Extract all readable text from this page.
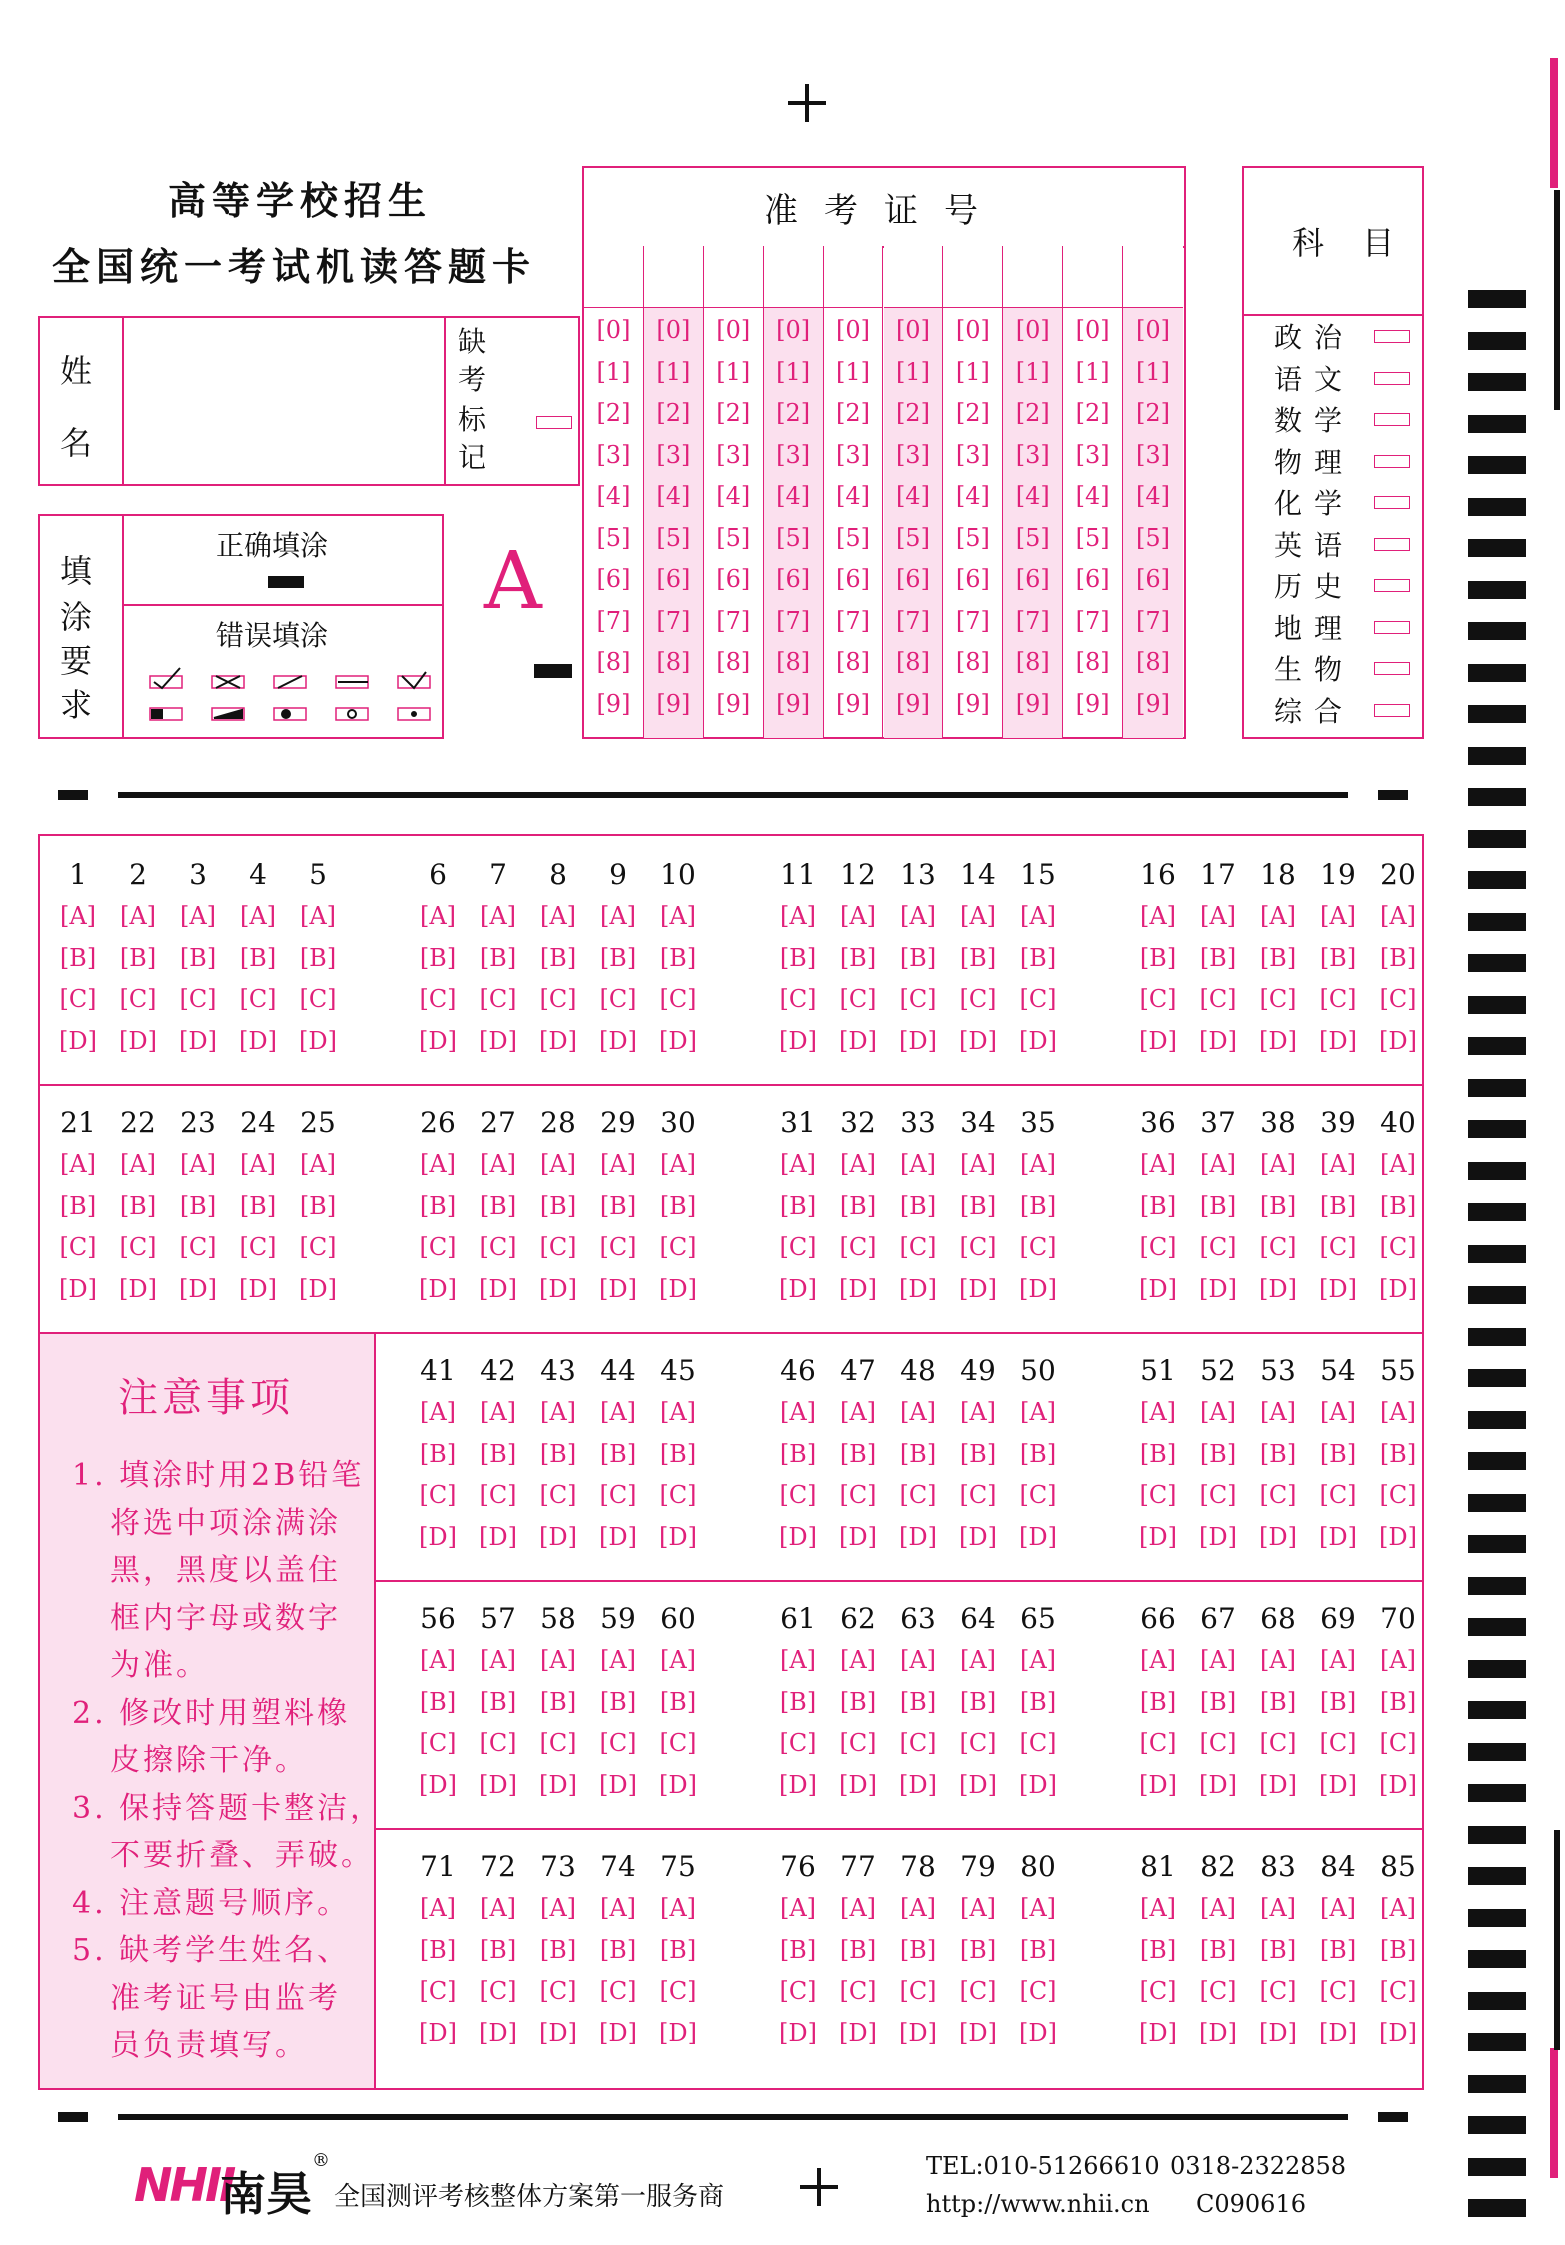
高等学校招生
全国统一考试机读答题卡
姓
名
缺
考
标
记
填
涂
要
求
正确填涂
错误填涂
A
准考证号
[0]
[1]
[2]
[3]
[4]
[5]
[6]
[7]
[8]
[9]
[0]
[1]
[2]
[3]
[4]
[5]
[6]
[7]
[8]
[9]
[0]
[1]
[2]
[3]
[4]
[5]
[6]
[7]
[8]
[9]
[0]
[1]
[2]
[3]
[4]
[5]
[6]
[7]
[8]
[9]
[0]
[1]
[2]
[3]
[4]
[5]
[6]
[7]
[8]
[9]
[0]
[1]
[2]
[3]
[4]
[5]
[6]
[7]
[8]
[9]
[0]
[1]
[2]
[3]
[4]
[5]
[6]
[7]
[8]
[9]
[0]
[1]
[2]
[3]
[4]
[5]
[6]
[7]
[8]
[9]
[0]
[1]
[2]
[3]
[4]
[5]
[6]
[7]
[8]
[9]
[0]
[1]
[2]
[3]
[4]
[5]
[6]
[7]
[8]
[9]
科 目
政治
语文
数学
物理
化学
英语
历史
地理
生物
综合
注意事项
1. 填涂时用2B铅笔
将选中项涂满涂
黑，黑度以盖住
框内字母或数字
为准。
2. 修改时用塑料橡
皮擦除干净。
3. 保持答题卡整洁，
不要折叠、弄破。
4. 注意题号顺序。
5. 缺考学生姓名、
准考证号由监考
员负责填写。
1
[A]
[B]
[C]
[D]
2
[A]
[B]
[C]
[D]
3
[A]
[B]
[C]
[D]
4
[A]
[B]
[C]
[D]
5
[A]
[B]
[C]
[D]
6
[A]
[B]
[C]
[D]
7
[A]
[B]
[C]
[D]
8
[A]
[B]
[C]
[D]
9
[A]
[B]
[C]
[D]
10
[A]
[B]
[C]
[D]
11
[A]
[B]
[C]
[D]
12
[A]
[B]
[C]
[D]
13
[A]
[B]
[C]
[D]
14
[A]
[B]
[C]
[D]
15
[A]
[B]
[C]
[D]
16
[A]
[B]
[C]
[D]
17
[A]
[B]
[C]
[D]
18
[A]
[B]
[C]
[D]
19
[A]
[B]
[C]
[D]
20
[A]
[B]
[C]
[D]
21
[A]
[B]
[C]
[D]
22
[A]
[B]
[C]
[D]
23
[A]
[B]
[C]
[D]
24
[A]
[B]
[C]
[D]
25
[A]
[B]
[C]
[D]
26
[A]
[B]
[C]
[D]
27
[A]
[B]
[C]
[D]
28
[A]
[B]
[C]
[D]
29
[A]
[B]
[C]
[D]
30
[A]
[B]
[C]
[D]
31
[A]
[B]
[C]
[D]
32
[A]
[B]
[C]
[D]
33
[A]
[B]
[C]
[D]
34
[A]
[B]
[C]
[D]
35
[A]
[B]
[C]
[D]
36
[A]
[B]
[C]
[D]
37
[A]
[B]
[C]
[D]
38
[A]
[B]
[C]
[D]
39
[A]
[B]
[C]
[D]
40
[A]
[B]
[C]
[D]
41
[A]
[B]
[C]
[D]
42
[A]
[B]
[C]
[D]
43
[A]
[B]
[C]
[D]
44
[A]
[B]
[C]
[D]
45
[A]
[B]
[C]
[D]
46
[A]
[B]
[C]
[D]
47
[A]
[B]
[C]
[D]
48
[A]
[B]
[C]
[D]
49
[A]
[B]
[C]
[D]
50
[A]
[B]
[C]
[D]
51
[A]
[B]
[C]
[D]
52
[A]
[B]
[C]
[D]
53
[A]
[B]
[C]
[D]
54
[A]
[B]
[C]
[D]
55
[A]
[B]
[C]
[D]
56
[A]
[B]
[C]
[D]
57
[A]
[B]
[C]
[D]
58
[A]
[B]
[C]
[D]
59
[A]
[B]
[C]
[D]
60
[A]
[B]
[C]
[D]
61
[A]
[B]
[C]
[D]
62
[A]
[B]
[C]
[D]
63
[A]
[B]
[C]
[D]
64
[A]
[B]
[C]
[D]
65
[A]
[B]
[C]
[D]
66
[A]
[B]
[C]
[D]
67
[A]
[B]
[C]
[D]
68
[A]
[B]
[C]
[D]
69
[A]
[B]
[C]
[D]
70
[A]
[B]
[C]
[D]
71
[A]
[B]
[C]
[D]
72
[A]
[B]
[C]
[D]
73
[A]
[B]
[C]
[D]
74
[A]
[B]
[C]
[D]
75
[A]
[B]
[C]
[D]
76
[A]
[B]
[C]
[D]
77
[A]
[B]
[C]
[D]
78
[A]
[B]
[C]
[D]
79
[A]
[B]
[C]
[D]
80
[A]
[B]
[C]
[D]
81
[A]
[B]
[C]
[D]
82
[A]
[B]
[C]
[D]
83
[A]
[B]
[C]
[D]
84
[A]
[B]
[C]
[D]
85
[A]
[B]
[C]
[D]
NHII
南昊
®
全国测评考核整体方案第一服务商
TEL:010-51266610 0318-2322858
http://www.nhii.cn C090616
